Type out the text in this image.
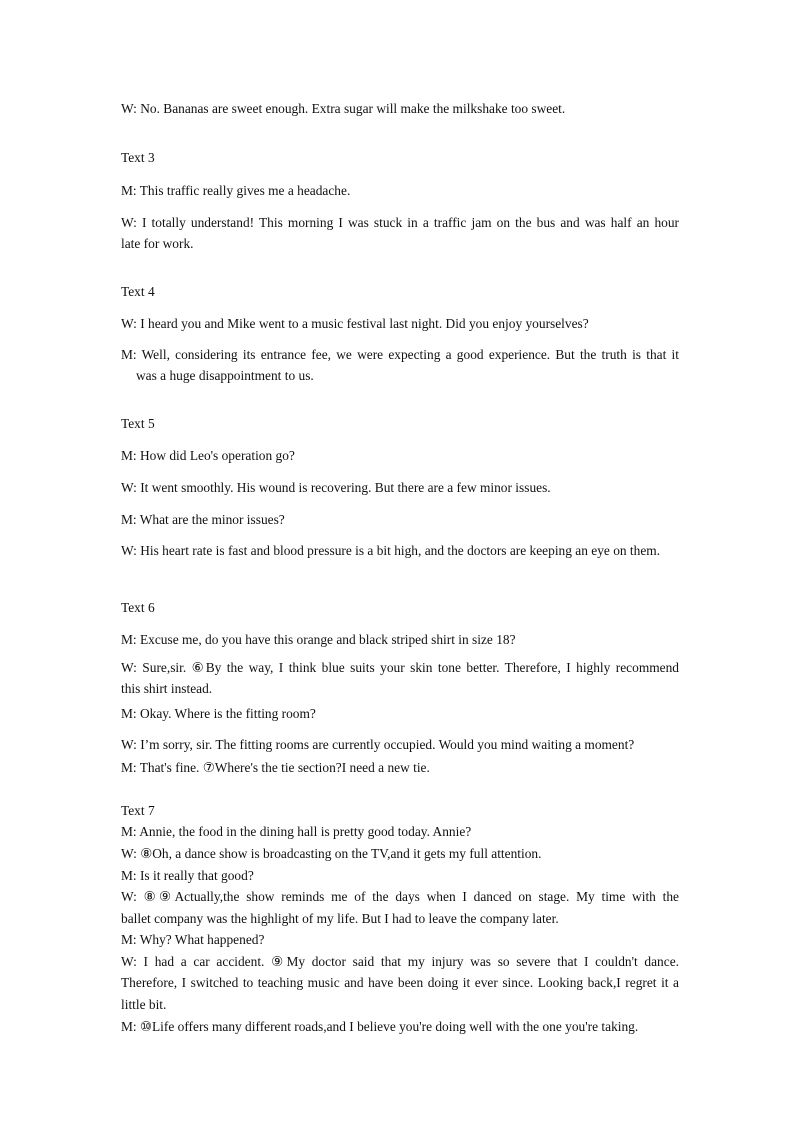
W: No. Bananas are sweet enough. Extra sugar will make the milkshake too sweet.
Text 3
M: This traffic really gives me a headache.
W: I totally understand! This morning I was stuck in a traffic jam on the bus and was half an hour
late for work.
Text 4
W: I heard you and Mike went to a music festival last night. Did you enjoy yourselves?
M: Well, considering its entrance fee, we were expecting a good experience. But the truth is that it
was a huge disappointment to us.
Text 5
M: How did Leo's operation go?
W: It went smoothly. His wound is recovering. But there are a few minor issues.
M: What are the minor issues?
W: His heart rate is fast and blood pressure is a bit high, and the doctors are keeping an eye on them.
Text 6
M: Excuse me, do you have this orange and black striped shirt in size 18?
W: Sure,sir. ⑥By the way, I think blue suits your skin tone better. Therefore, I highly recommend
this shirt instead.
M: Okay. Where is the fitting room?
W: I’m sorry, sir. The fitting rooms are currently occupied. Would you mind waiting a moment?
M: That's fine. ⑦Where's the tie section?I need a new tie.
Text 7
M: Annie, the food in the dining hall is pretty good today. Annie?
W: ⑧Oh, a dance show is broadcasting on the TV,and it gets my full attention.
M: Is it really that good?
W: ⑧⑨Actually,the show reminds me of the days when I danced on stage. My time with the
ballet company was the highlight of my life. But I had to leave the company later.
M: Why? What happened?
W: I had a car accident. ⑨My doctor said that my injury was so severe that I couldn't dance.
Therefore, I switched to teaching music and have been doing it ever since. Looking back,I regret it a
little bit.
M: ⑩Life offers many different roads,and I believe you're doing well with the one you're taking.
